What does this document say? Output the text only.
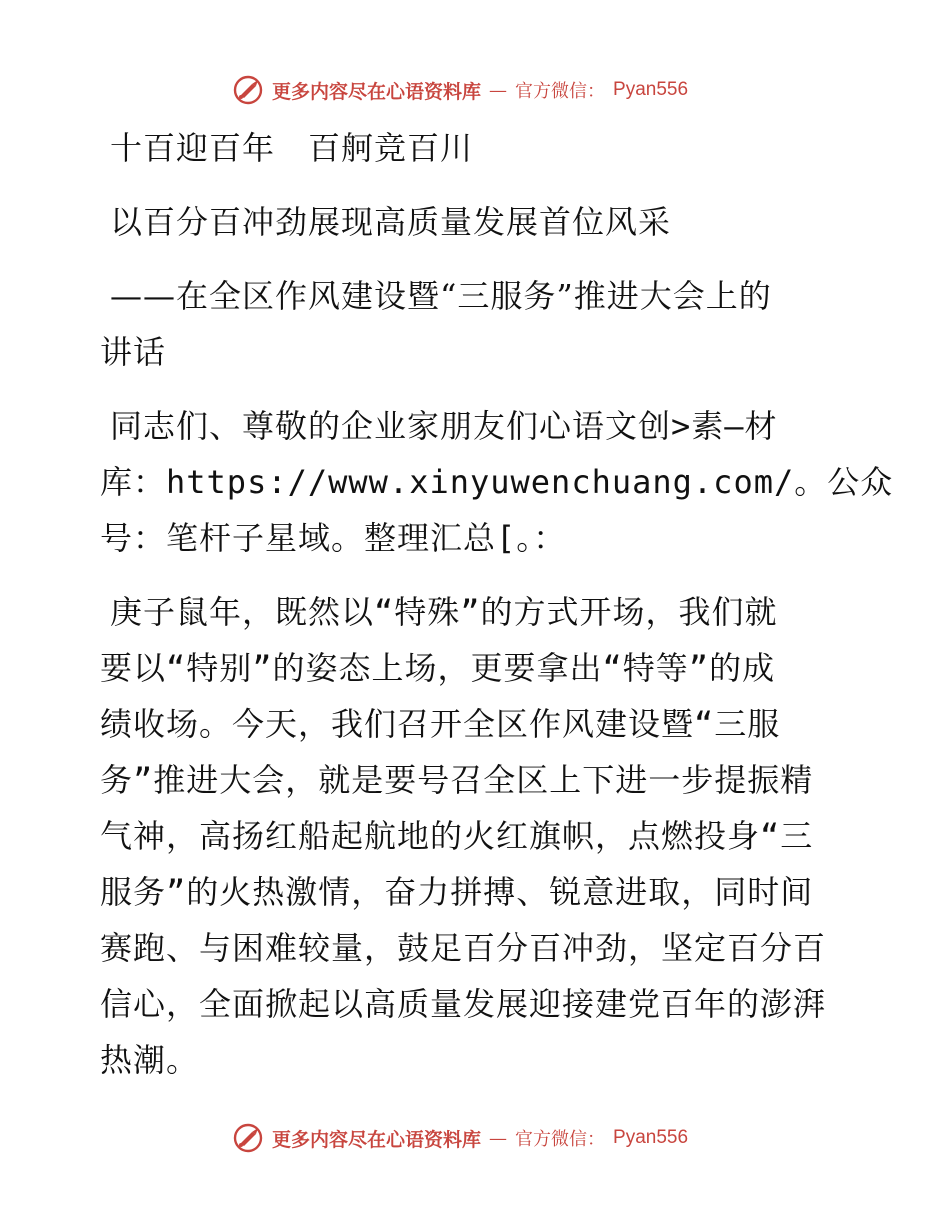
更多内容尽在心语资料库 — 官方微信： Pyan556
十百迎百年　百舸竞百川
以百分百冲劲展现高质量发展首位风采
——在全区作风建设暨“三服务”推进大会上的
讲话
同志们、尊敬的企业家朋友们心语文创>素—材
库：https://www.xinyuwenchuang.com/。公众
号：笔杆子星域。整理汇总[。：
庚子鼠年，既然以“特殊”的方式开场，我们就
要以“特别”的姿态上场，更要拿出“特等”的成
绩收场。今天，我们召开全区作风建设暨“三服
务”推进大会，就是要号召全区上下进一步提振精
气神，高扬红船起航地的火红旗帜，点燃投身“三
服务”的火热激情，奋力拼搏、锐意进取，同时间
赛跑、与困难较量，鼓足百分百冲劲，坚定百分百
信心，全面掀起以高质量发展迎接建党百年的澎湃
热潮。
更多内容尽在心语资料库 — 官方微信： Pyan556
